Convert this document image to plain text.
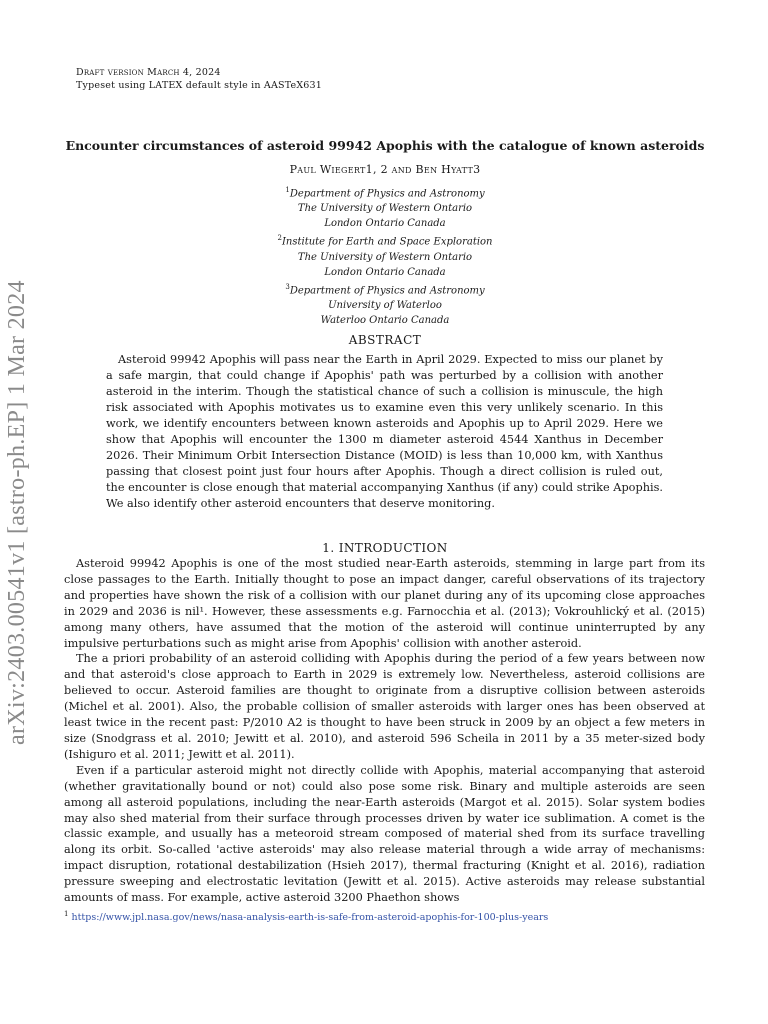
Draft version March 4, 2024
Typeset using LATEX default style in AASTeX631
arXiv:2403.00541v1 [astro-ph.EP] 1 Mar 2024
Encounter circumstances of asteroid 99942 Apophis with the catalogue of known asteroids
Paul Wiegert1, 2 and Ben Hyatt3
$^1$Department of Physics and Astronomy
The University of Western Ontario
London Ontario Canada
$^2$Institute for Earth and Space Exploration
The University of Western Ontario
London Ontario Canada
$^3$Department of Physics and Astronomy
University of Waterloo
Waterloo Ontario Canada
ABSTRACT
Asteroid 99942 Apophis will pass near the Earth in April 2029. Expected to miss our planet by a safe margin, that could change if Apophis' path was perturbed by a collision with another asteroid in the interim. Though the statistical chance of such a collision is minuscule, the high risk associated with Apophis motivates us to examine even this very unlikely scenario. In this work, we identify encounters between known asteroids and Apophis up to April 2029. Here we show that Apophis will encounter the 1300 m diameter asteroid 4544 Xanthus in December 2026. Their Minimum Orbit Intersection Distance (MOID) is less than 10,000 km, with Xanthus passing that closest point just four hours after Apophis. Though a direct collision is ruled out, the encounter is close enough that material accompanying Xanthus (if any) could strike Apophis. We also identify other asteroid encounters that deserve monitoring.
1. INTRODUCTION

Asteroid 99942 Apophis is one of the most studied near-Earth asteroids, stemming in large part from its close passages to the Earth. Initially thought to pose an impact danger, careful observations of its trajectory and properties have shown the risk of a collision with our planet during any of its upcoming close approaches in 2029 and 2036 is nil¹. However, these assessments e.g. Farnocchia et al. (2013); Vokrouhlický et al. (2015) among many others, have assumed that the motion of the asteroid will continue uninterrupted by any impulsive perturbations such as might arise from Apophis' collision with another asteroid.

The a priori probability of an asteroid colliding with Apophis during the period of a few years between now and that asteroid's close approach to Earth in 2029 is extremely low. Nevertheless, asteroid collisions are believed to occur. Asteroid families are thought to originate from a disruptive collision between asteroids (Michel et al. 2001). Also, the probable collision of smaller asteroids with larger ones has been observed at least twice in the recent past: P/2010 A2 is thought to have been struck in 2009 by an object a few meters in size (Snodgrass et al. 2010; Jewitt et al. 2010), and asteroid 596 Scheila in 2011 by a 35 meter-sized body (Ishiguro et al. 2011; Jewitt et al. 2011).

Even if a particular asteroid might not directly collide with Apophis, material accompanying that asteroid (whether gravitationally bound or not) could also pose some risk. Binary and multiple asteroids are seen among all asteroid populations, including the near-Earth asteroids (Margot et al. 2015). Solar system bodies may also shed material from their surface through processes driven by water ice sublimation. A comet is the classic example, and usually has a meteoroid stream composed of material shed from its surface travelling along its orbit. So-called 'active asteroids' may also release material through a wide array of mechanisms: impact disruption, rotational destabilization (Hsieh 2017), thermal fracturing (Knight et al. 2016), radiation pressure sweeping and electrostatic levitation (Jewitt et al. 2015). Active asteroids may release substantial amounts of mass. For example, active asteroid 3200 Phaethon shows

$^1$ https://www.jpl.nasa.gov/news/nasa-analysis-earth-is-safe-from-asteroid-apophis-for-100-plus-years
